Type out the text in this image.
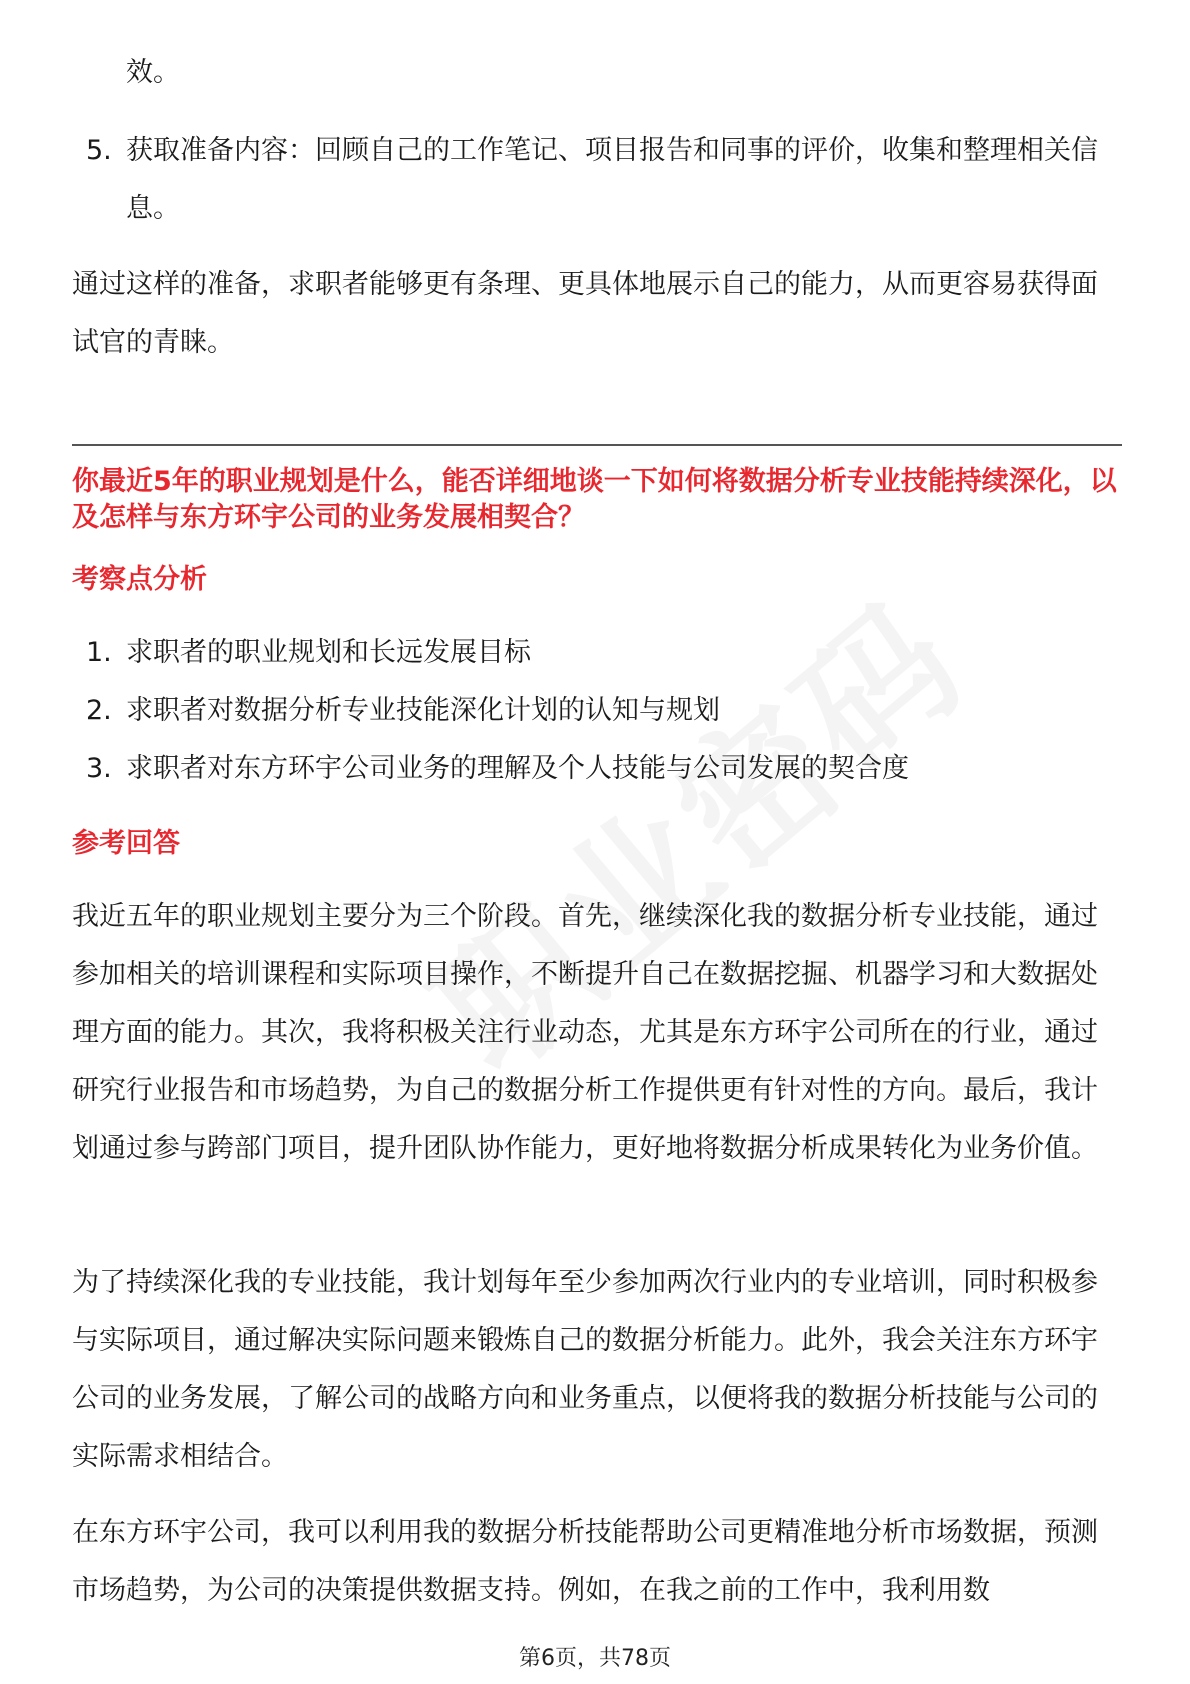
效。
5. 获取准备内容：回顾自己的工作笔记、项目报告和同事的评价，收集和整理相关信息。
通过这样的准备，求职者能够更有条理、更具体地展示自己的能力，从而更容易获得面试官的青睐。
你最近5年的职业规划是什么，能否详细地谈一下如何将数据分析专业技能持续深化，以及怎样与东方环宇公司的业务发展相契合？
考察点分析
1. 求职者的职业规划和长远发展目标
2. 求职者对数据分析专业技能深化计划的认知与规划
3. 求职者对东方环宇公司业务的理解及个人技能与公司发展的契合度
参考回答
我近五年的职业规划主要分为三个阶段。首先，继续深化我的数据分析专业技能，通过参加相关的培训课程和实际项目操作，不断提升自己在数据挖掘、机器学习和大数据处理方面的能力。其次，我将积极关注行业动态，尤其是东方环宇公司所在的行业，通过研究行业报告和市场趋势，为自己的数据分析工作提供更有针对性的方向。最后，我计划通过参与跨部门项目，提升团队协作能力，更好地将数据分析成果转化为业务价值。
为了持续深化我的专业技能，我计划每年至少参加两次行业内的专业培训，同时积极参与实际项目，通过解决实际问题来锻炼自己的数据分析能力。此外，我会关注东方环宇公司的业务发展，了解公司的战略方向和业务重点，以便将我的数据分析技能与公司的实际需求相结合。
在东方环宇公司，我可以利用我的数据分析技能帮助公司更精准地分析市场数据，预测市场趋势，为公司的决策提供数据支持。例如，在我之前的工作中，我利用数
第6页，共78页
